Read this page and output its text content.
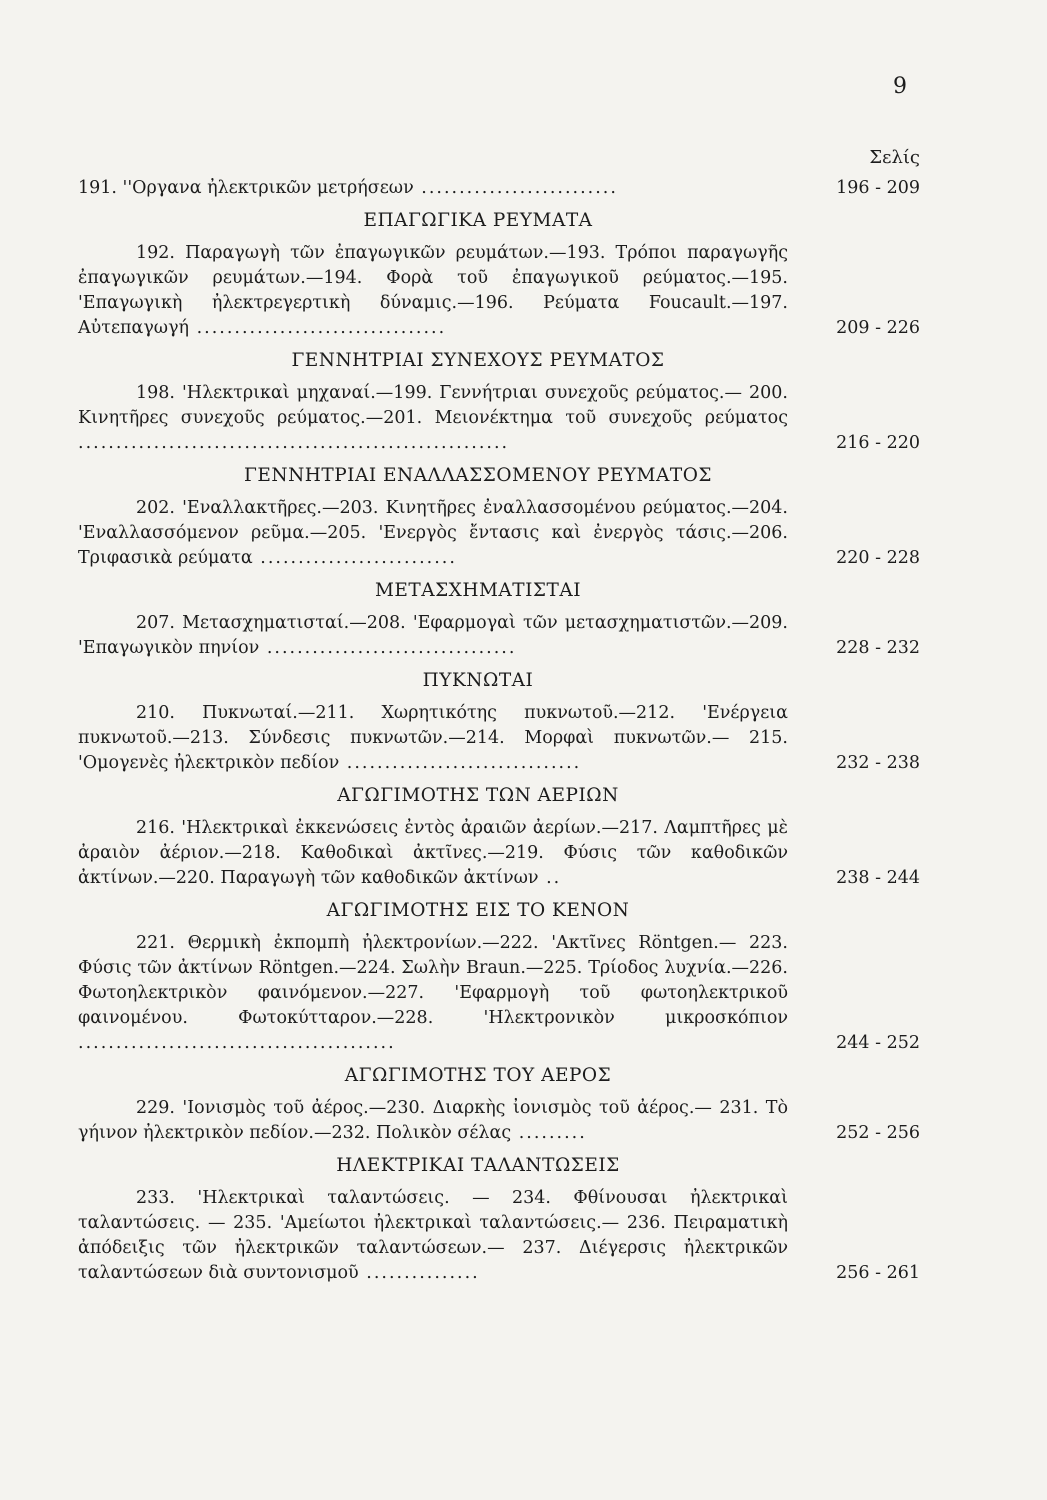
9
Σελίς
191. ''Οργανα ἠλεκτρικῶν μετρήσεων ..........................	196 - 209
ΕΠΑΓΩΓΙΚΑ ΡΕΥΜΑΤΑ
192. Παραγωγὴ τῶν ἐπαγωγικῶν ρευμάτων.—193. Τρόποι παραγωγῆς ἐπαγωγικῶν ρευμάτων.—194. Φορὰ τοῦ ἐπαγωγικοῦ ρεύματος.—195. 'Επαγωγικὴ ἠλεκτρεγερτικὴ δύναμις.—196. Ρεύματα Foucault.—197. Αὐτεπαγωγή .................................	209 - 226
ΓΕΝΝΗΤΡΙΑΙ ΣΥΝΕΧΟΥΣ ΡΕΥΜΑΤΟΣ
198. 'Ηλεκτρικαὶ μηχαναί.—199. Γεννήτριαι συνεχοῦς ρεύματος.— 200. Κινητῆρες συνεχοῦς ρεύματος.—201. Μειονέκτημα τοῦ συνεχοῦς ρεύματος .........................................................	216 - 220
ΓΕΝΝΗΤΡΙΑΙ ΕΝΑΛΛΑΣΣΟΜΕΝΟΥ ΡΕΥΜΑΤΟΣ
202. 'Εναλλακτῆρες.—203. Κινητῆρες ἐναλλασσομένου ρεύματος.—204. 'Εναλλασσόμενον ρεῦμα.—205. 'Ενεργὸς ἔντασις καὶ ἐνεργὸς τάσις.—206. Τριφασικὰ ρεύματα ..........................	220 - 228
ΜΕΤΑΣΧΗΜΑΤΙΣΤΑΙ
207. Μετασχηματισταί.—208. 'Εφαρμογαὶ τῶν μετασχηματιστῶν.—209. 'Επαγωγικὸν πηνίον .................................	228 - 232
ΠΥΚΝΩΤΑΙ
210. Πυκνωταί.—211. Χωρητικότης πυκνωτοῦ.—212. 'Ενέργεια πυκνωτοῦ.—213. Σύνδεσις πυκνωτῶν.—214. Μορφαὶ πυκνωτῶν.— 215. 'Ομογενὲς ἠλεκτρικὸν πεδίον ...............................	232 - 238
ΑΓΩΓΙΜΟΤΗΣ ΤΩΝ ΑΕΡΙΩΝ
216. 'Ηλεκτρικαὶ ἐκκενώσεις ἐντὸς ἀραιῶν ἀερίων.—217. Λαμπτῆρες μὲ ἀραιὸν ἀέριον.—218. Καθοδικαὶ ἀκτῖνες.—219. Φύσις τῶν καθοδικῶν ἀκτίνων.—220. Παραγωγὴ τῶν καθοδικῶν ἀκτίνων ..	238 - 244
ΑΓΩΓΙΜΟΤΗΣ ΕΙΣ ΤΟ ΚΕΝΟΝ
221. Θερμικὴ ἐκπομπὴ ἠλεκτρονίων.—222. 'Ακτῖνες Röntgen.— 223. Φύσις τῶν ἀκτίνων Röntgen.—224. Σωλὴν Braun.—225. Τρίοδος λυχνία.—226. Φωτοηλεκτρικὸν φαινόμενον.—227. 'Εφαρμογὴ τοῦ φωτοηλεκτρικοῦ φαινομένου. Φωτοκύτταρον.—228. 'Ηλεκτρονικὸν μικροσκόπιον ..........................................	244 - 252
ΑΓΩΓΙΜΟΤΗΣ ΤΟΥ ΑΕΡΟΣ
229. 'Ιονισμὸς τοῦ ἀέρος.—230. Διαρκὴς ἰονισμὸς τοῦ ἀέρος.— 231. Τὸ γήινον ἠλεκτρικὸν πεδίον.—232. Πολικὸν σέλας .........	252 - 256
ΗΛΕΚΤΡΙΚΑΙ ΤΑΛΑΝΤΩΣΕΙΣ
233. 'Ηλεκτρικαὶ ταλαντώσεις. — 234. Φθίνουσαι ἠλεκτρικαὶ ταλαντώσεις. — 235. 'Αμείωτοι ἠλεκτρικαὶ ταλαντώσεις.— 236. Πειραματικὴ ἀπόδειξις τῶν ἠλεκτρικῶν ταλαντώσεων.— 237. Διέγερσις ἠλεκτρικῶν ταλαντώσεων διὰ συντονισμοῦ ...............	256 - 261
